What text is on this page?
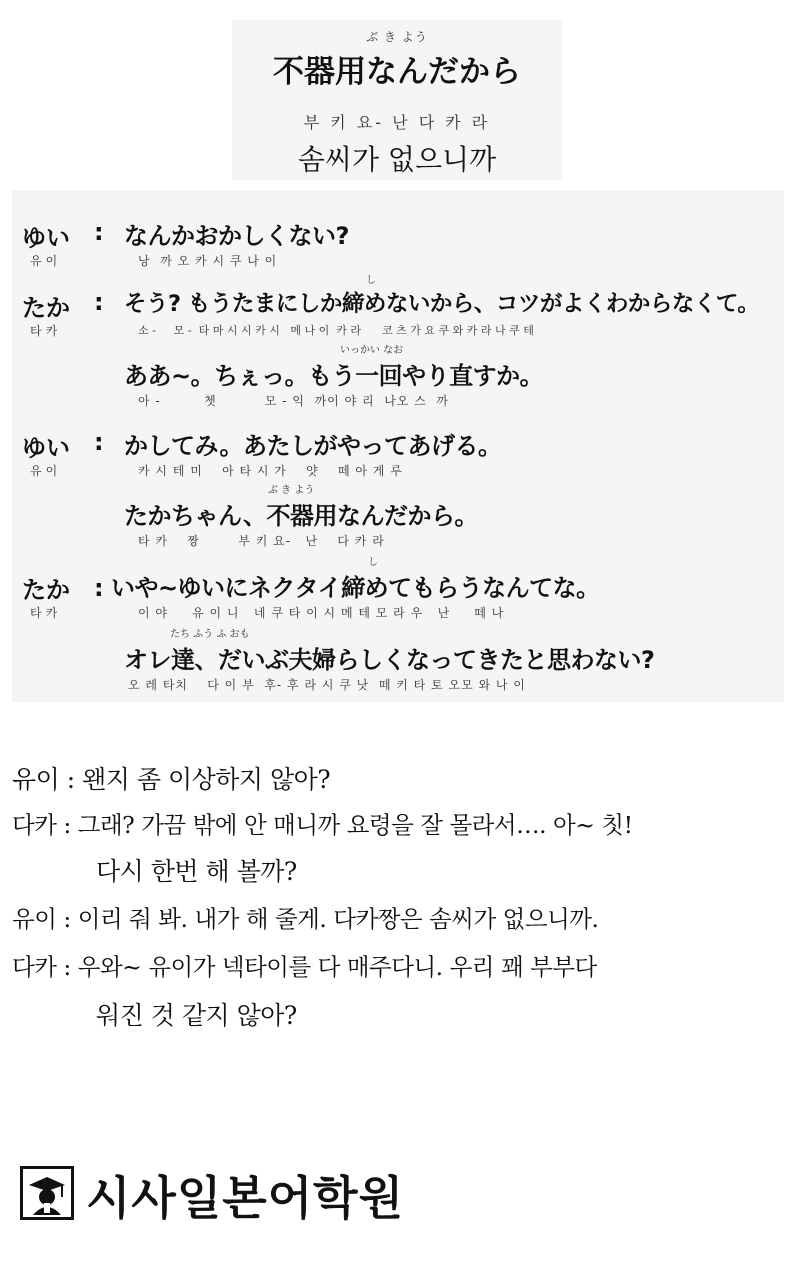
ぶ き よう
不器用なんだから
부 키 요- 난 다 카 라
솜씨가 없으니까
ゆい
유이
: なんかおかしくない?
낭  까 오 카 시 쿠 나 이
たか
타카
:
し
そう? もうたまにしか締めないから、コツがよくわからなくて。
소 -     모 -  타 마 시 시 카 시   메 나 이  카 라      코 츠 가 요 쿠 와 카 라 나 쿠 테
いっかい なお
ああ~。ちぇっ。もう一回やり直すか。
아 -         쳇          모 - 익  까이 야 리  나오 스  까
ゆい
유이
: かしてみ。あたしがやってあげる。
카 시 테 미    아 타 시 가    얏    떼 아 게 루
ぶ き よう
たかちゃん、不器用なんだから。
타 카    짱        부 키 요-   난    다 카 라
たか
타카
し
: いや~ゆいにネクタイ締めてもらうなんてな。
이 야     유 이 니   네 쿠 타 이 시 메 테 모 라 우   난     떼 나
たち ふう ふ おも
オレ達、だいぶ夫婦らしくなってきたと思わない?
오 레 타치    다 이 부  후- 후 라 시 쿠 낫  떼 키 타 토 오모 와 나 이
유이 : 왠지 좀 이상하지 않아?
다카 : 그래? 가끔 밖에 안 매니까 요령을 잘 몰라서…. 아~ 칫!
다시 한번 해 볼까?
유이 : 이리 줘 봐. 내가 해 줄게. 다카짱은 솜씨가 없으니까.
다카 : 우와~ 유이가 넥타이를 다 매주다니. 우리 꽤 부부다
워진 것 같지 않아?
시사일본어학원
